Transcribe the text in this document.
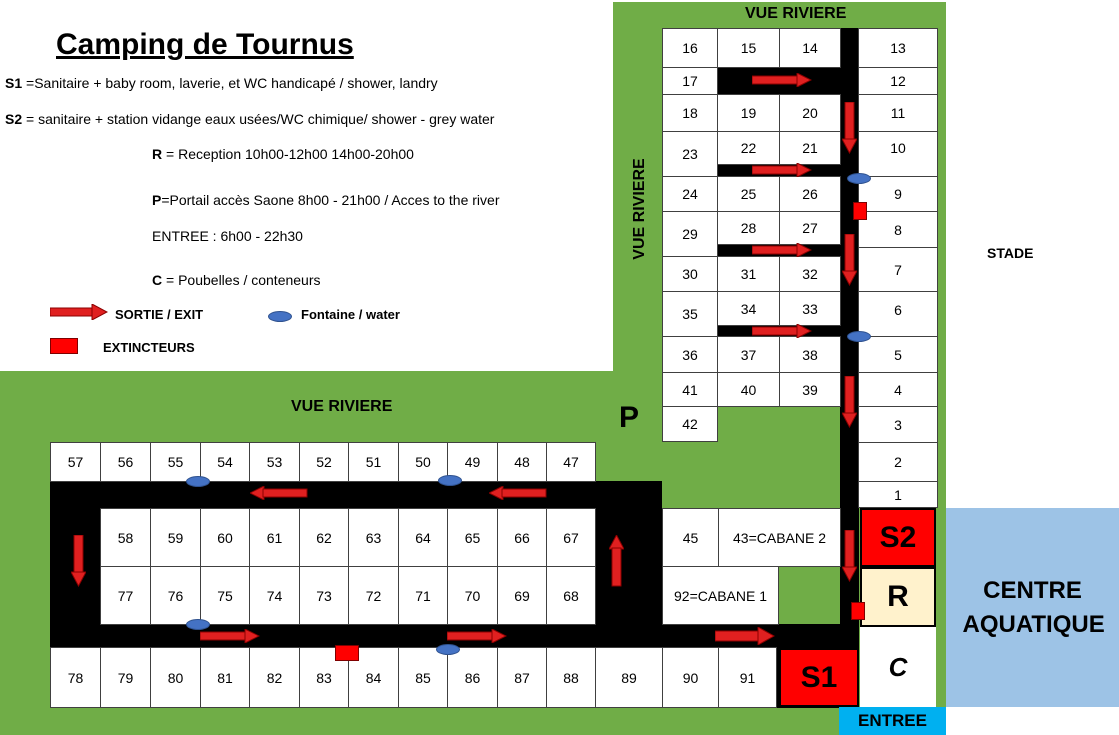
16	15	14	13
17	12
18	19	20	11
23	22	21	10
24	25	26	9
29	28	27	8
30	31	32	7
35	34	33	6
36	37	38	5
41	40	39	4
42	3
2
1
57	56	55	54	53	52	51	50	49	48	47
58	59	60	61	62	63	64	65	66	67
77	76	75	74	73	72	71	70	69	68
78	79	80	81	82	83	84	85	86	87	88	89	90	91
45	43=CABANE 2
92=CABANE 1
S2
R
C
S1
CENTRE AQUATIQUE
ENTREE
VUE RIVIERE
VUE RIVIERE
VUE RIVIERE	P
STADE
Camping de Tournus
S1 =Sanitaire + baby room, laverie, et WC handicapé / shower, landry
S2 = sanitaire + station vidange eaux usées/WC chimique/ shower - grey water
R = Reception 10h00-12h00 14h00-20h00
P=Portail accès Saone 8h00 - 21h00 / Acces to the river
ENTREE : 6h00 - 22h30
C = Poubelles / conteneurs
SORTIE / EXIT	Fontaine / water
EXTINCTEURS
